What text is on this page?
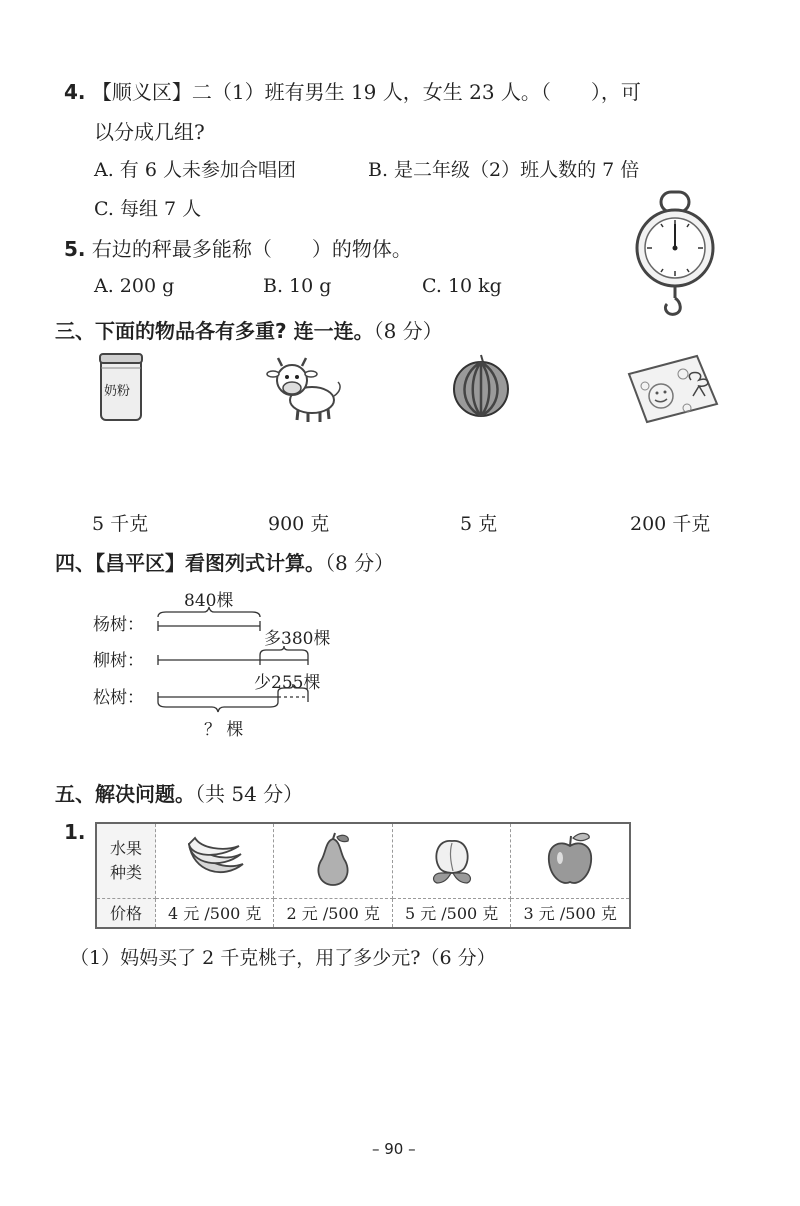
4. 【顺义区】二（1）班有男生 19 人，女生 23 人。（　　），可
以分成几组?
A. 有 6 人未参加合唱团	B. 是二年级（2）班人数的 7 倍
C. 每组 7 人
5. 右边的秤最多能称（　　）的物体。
A. 200 g	B. 10 g	C. 10 kg
三、下面的物品各有多重? 连一连。（8 分）
奶粉
5 千克	900 克	5 克	200 千克
四、【昌平区】看图列式计算。（8 分）
杨树：
柳树：
松树：
840棵
多380棵
少255棵
？ 棵
五、解决问题。（共 54 分）
1.
水果
种类

价格	4 元 /500 克	2 元 /500 克	5 元 /500 克	3 元 /500 克
（1）妈妈买了 2 千克桃子，用了多少元?（6 分）
– 90 –
